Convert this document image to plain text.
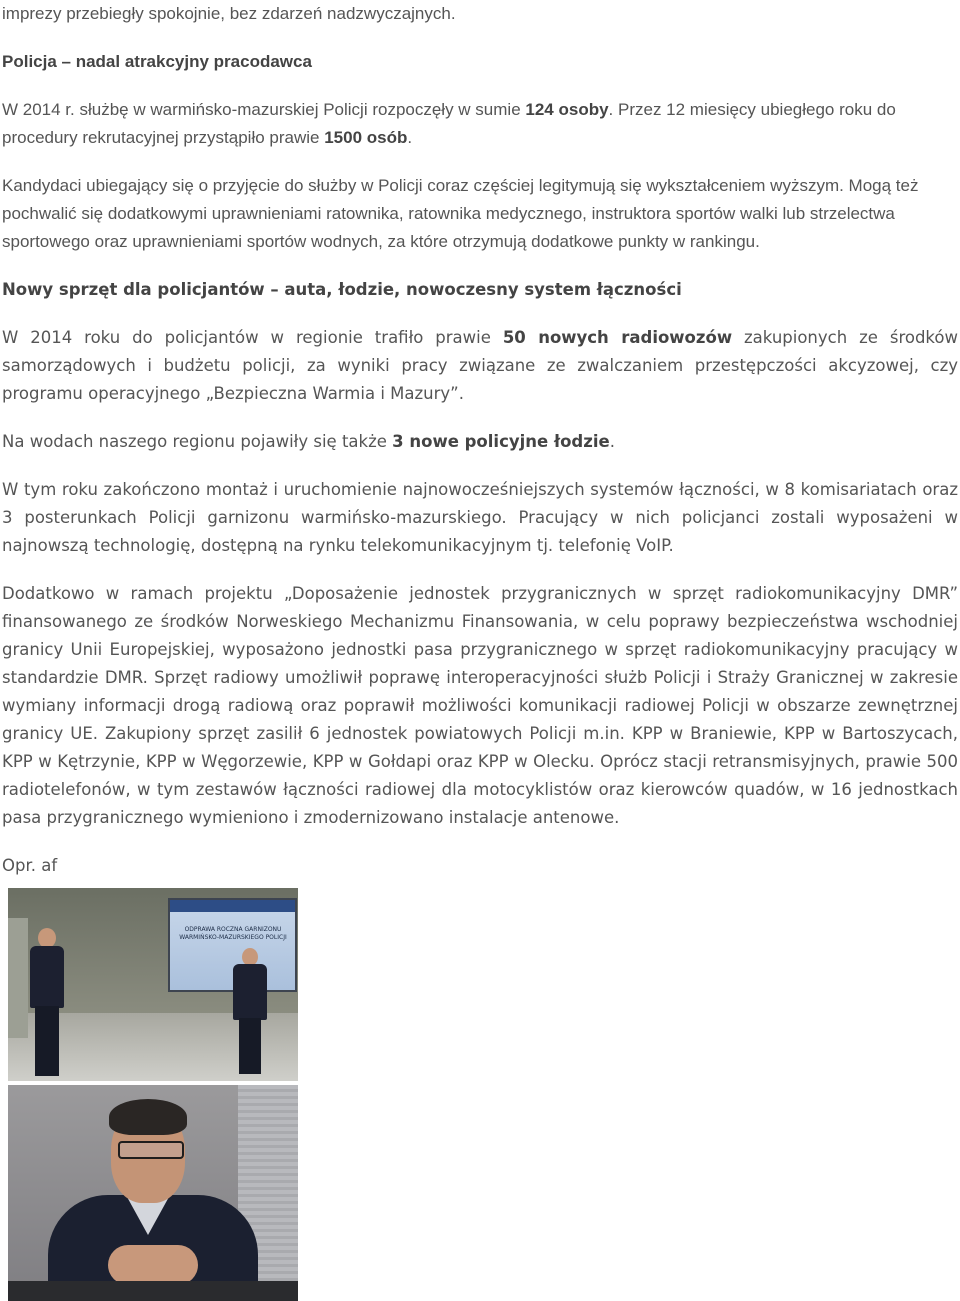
imprezy przebiegły spokojnie, bez zdarzeń nadzwyczajnych.

Policja – nadal atrakcyjny pracodawca

W 2014 r. służbę w warmińsko-mazurskiej Policji rozpoczęły w sumie 124 osoby. Przez 12 miesięcy ubiegłego roku do procedury rekrutacyjnej przystąpiło prawie 1500 osób.

Kandydaci ubiegający się o przyjęcie do służby w Policji coraz częściej legitymują się wykształceniem wyższym. Mogą też pochwalić się dodatkowymi uprawnieniami ratownika, ratownika medycznego, instruktora sportów walki lub strzelectwa sportowego oraz uprawnieniami sportów wodnych, za które otrzymują dodatkowe punkty w rankingu.

Nowy sprzęt dla policjantów – auta, łodzie, nowoczesny system łączności

W 2014 roku do policjantów w regionie trafiło prawie 50 nowych radiowozów zakupionych ze środków samorządowych i budżetu policji, za wyniki pracy związane ze zwalczaniem przestępczości akcyzowej, czy programu operacyjnego „Bezpieczna Warmia i Mazury”.

Na wodach naszego regionu pojawiły się także 3 nowe policyjne łodzie.

W tym roku zakończono montaż i uruchomienie najnowocześniejszych systemów łączności, w 8 komisariatach oraz 3 posterunkach Policji garnizonu warmińsko-mazurskiego. Pracujący w nich policjanci zostali wyposażeni w najnowszą technologię, dostępną na rynku telekomunikacyjnym tj. telefonię VoIP.

Dodatkowo w ramach projektu „Doposażenie jednostek przygranicznych w sprzęt radiokomunikacyjny DMR” finansowanego ze środków Norweskiego Mechanizmu Finansowania, w celu poprawy bezpieczeństwa wschodniej granicy Unii Europejskiej, wyposażono jednostki pasa przygranicznego w sprzęt radiokomunikacyjny pracujący w standardzie DMR. Sprzęt radiowy umożliwił poprawę interoperacyjności służb Policji i Straży Granicznej w zakresie wymiany informacji drogą radiową oraz poprawił możliwości komunikacji radiowej Policji w obszarze zewnętrznej granicy UE. Zakupiony sprzęt zasilił 6 jednostek powiatowych Policji m.in. KPP w Braniewie, KPP w Bartoszycach, KPP w Kętrzynie, KPP w Węgorzewie, KPP w Gołdapi oraz KPP w Olecku. Oprócz stacji retransmisyjnych, prawie 500 radiotelefonów, w tym zestawów łączności radiowej dla motocyklistów oraz kierowców quadów, w 16 jednostkach pasa przygranicznego wymieniono i zmodernizowano instalacje antenowe.

Opr. af

ODPRAWA ROCZNA GARNIZONU WARMIŃSKO-MAZURSKIEGO POLICJI
